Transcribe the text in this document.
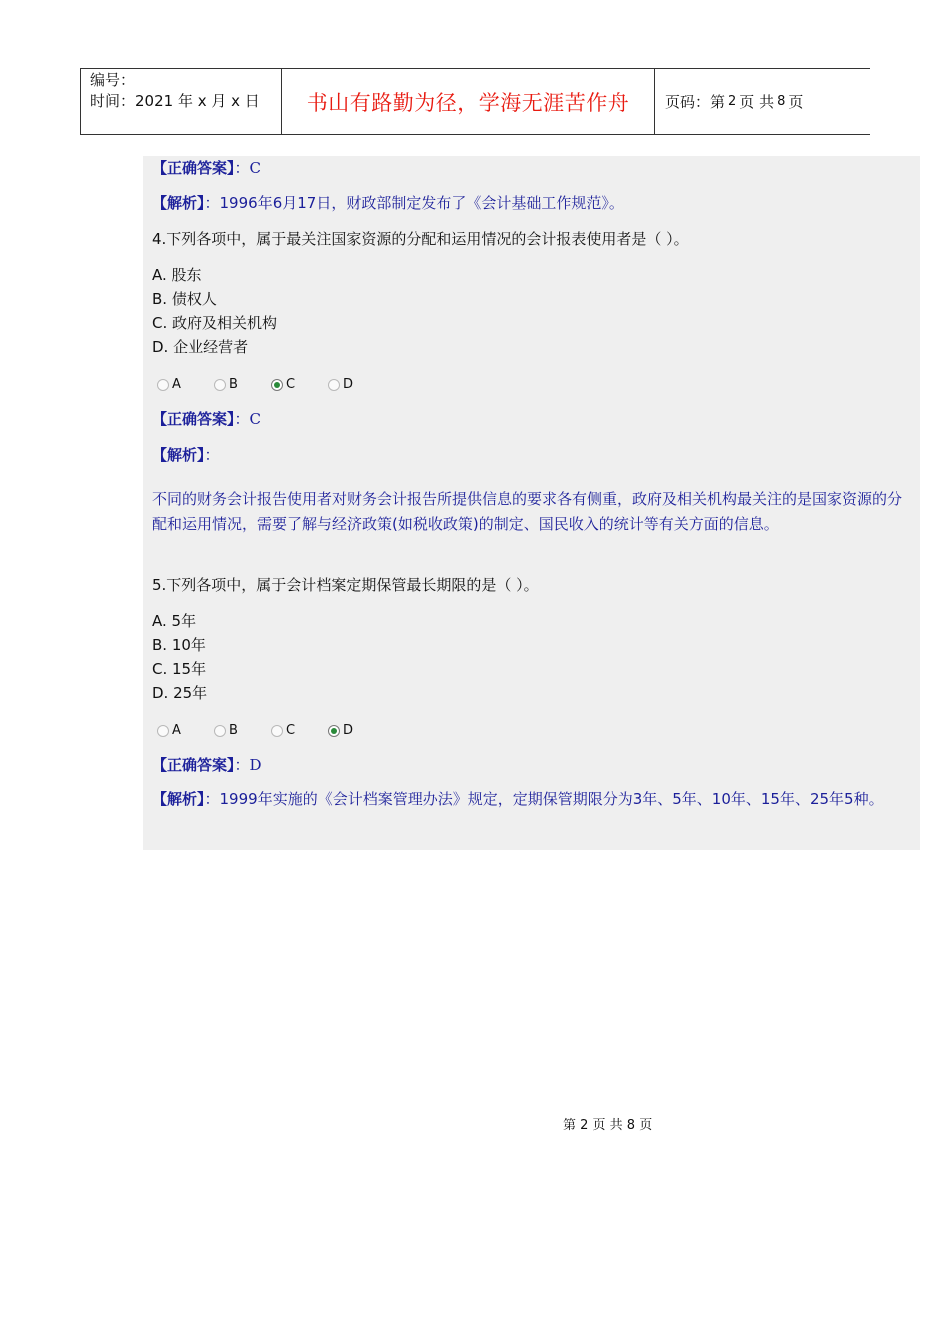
编号：
时间：2021 年 x 月 x 日	书山有路勤为径，学海无涯苦作舟	页码：第 2 页 共 8 页
【正确答案】：C
【解析】：1996年6月17日，财政部制定发布了《会计基础工作规范》。
4.下列各项中，属于最关注国家资源的分配和运用情况的会计报表使用者是（ ）。
A. 股东
B. 债权人
C. 政府及相关机构
D. 企业经营者
A	B	C	D
【正确答案】：C
【解析】：
不同的财务会计报告使用者对财务会计报告所提供信息的要求各有侧重，政府及相关机构最关注的是国家资源的分配和运用情况，需要了解与经济政策(如税收政策)的制定、国民收入的统计等有关方面的信息。
5.下列各项中，属于会计档案定期保管最长期限的是（ ）。
A. 5年
B. 10年
C. 15年
D. 25年
A	B	C	D
【正确答案】：D
【解析】：1999年实施的《会计档案管理办法》规定，定期保管期限分为3年、5年、10年、15年、25年5种。
第 2 页 共 8 页
